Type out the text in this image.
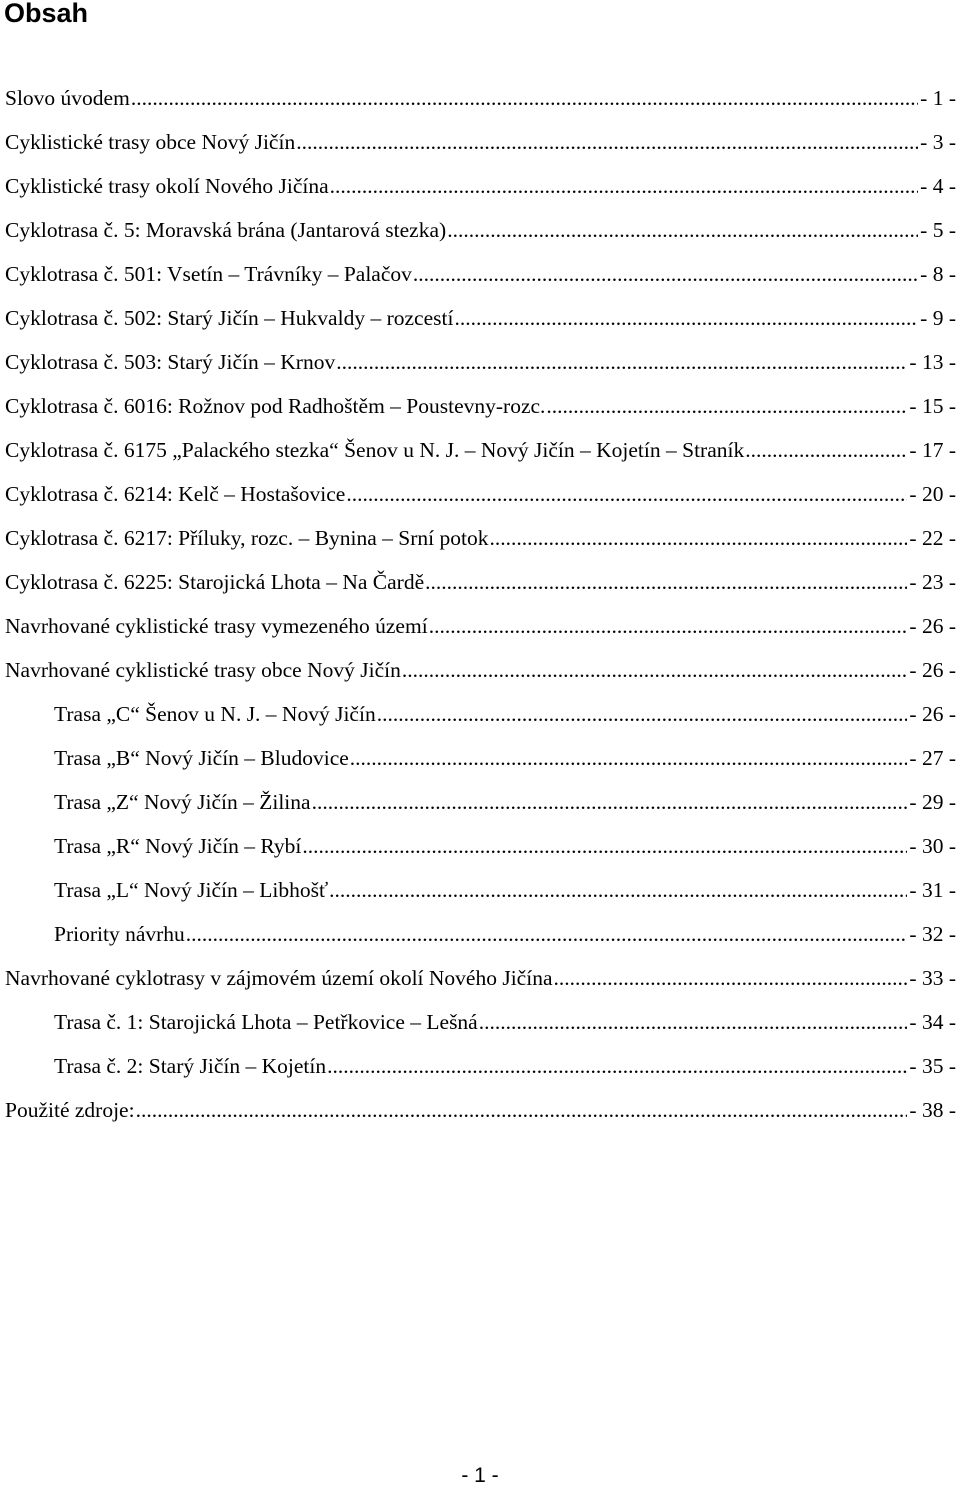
Obsah
Slovo úvodem .....	- 1 -
Cyklistické trasy obce Nový Jičín .....	- 3 -
Cyklistické trasy okolí Nového Jičína .....	- 4 -
Cyklotrasa č. 5: Moravská brána (Jantarová stezka) .....	- 5 -
Cyklotrasa č. 501: Vsetín – Trávníky – Palačov .....	- 8 -
Cyklotrasa č. 502: Starý Jičín – Hukvaldy – rozcestí .....	- 9 -
Cyklotrasa č. 503: Starý Jičín – Krnov .....	- 13 -
Cyklotrasa č. 6016: Rožnov pod Radhoštěm – Poustevny-rozc. .....	- 15 -
Cyklotrasa č. 6175 „Palackého stezka“ Šenov u N. J. – Nový Jičín – Kojetín – Straník .....	- 17 -
Cyklotrasa č. 6214: Kelč – Hostašovice .....	- 20 -
Cyklotrasa č. 6217: Příluky, rozc. – Bynina – Srní potok .....	- 22 -
Cyklotrasa č. 6225: Starojická Lhota – Na Čardě .....	- 23 -
Navrhované cyklistické trasy vymezeného území .....	- 26 -
Navrhované cyklistické trasy obce Nový Jičín .....	- 26 -
Trasa „C“ Šenov u N. J. – Nový Jičín .....	- 26 -
Trasa „B“ Nový Jičín – Bludovice .....	- 27 -
Trasa „Z“ Nový Jičín – Žilina .....	- 29 -
Trasa „R“ Nový Jičín – Rybí .....	- 30 -
Trasa „L“ Nový Jičín – Libhošť .....	- 31 -
Priority návrhu .....	- 32 -
Navrhované cyklotrasy v zájmovém území okolí Nového Jičína .....	- 33 -
Trasa č. 1: Starojická Lhota – Petřkovice – Lešná .....	- 34 -
Trasa č. 2: Starý Jičín – Kojetín .....	- 35 -
Použité zdroje: .....	- 38 -
- 1 -
